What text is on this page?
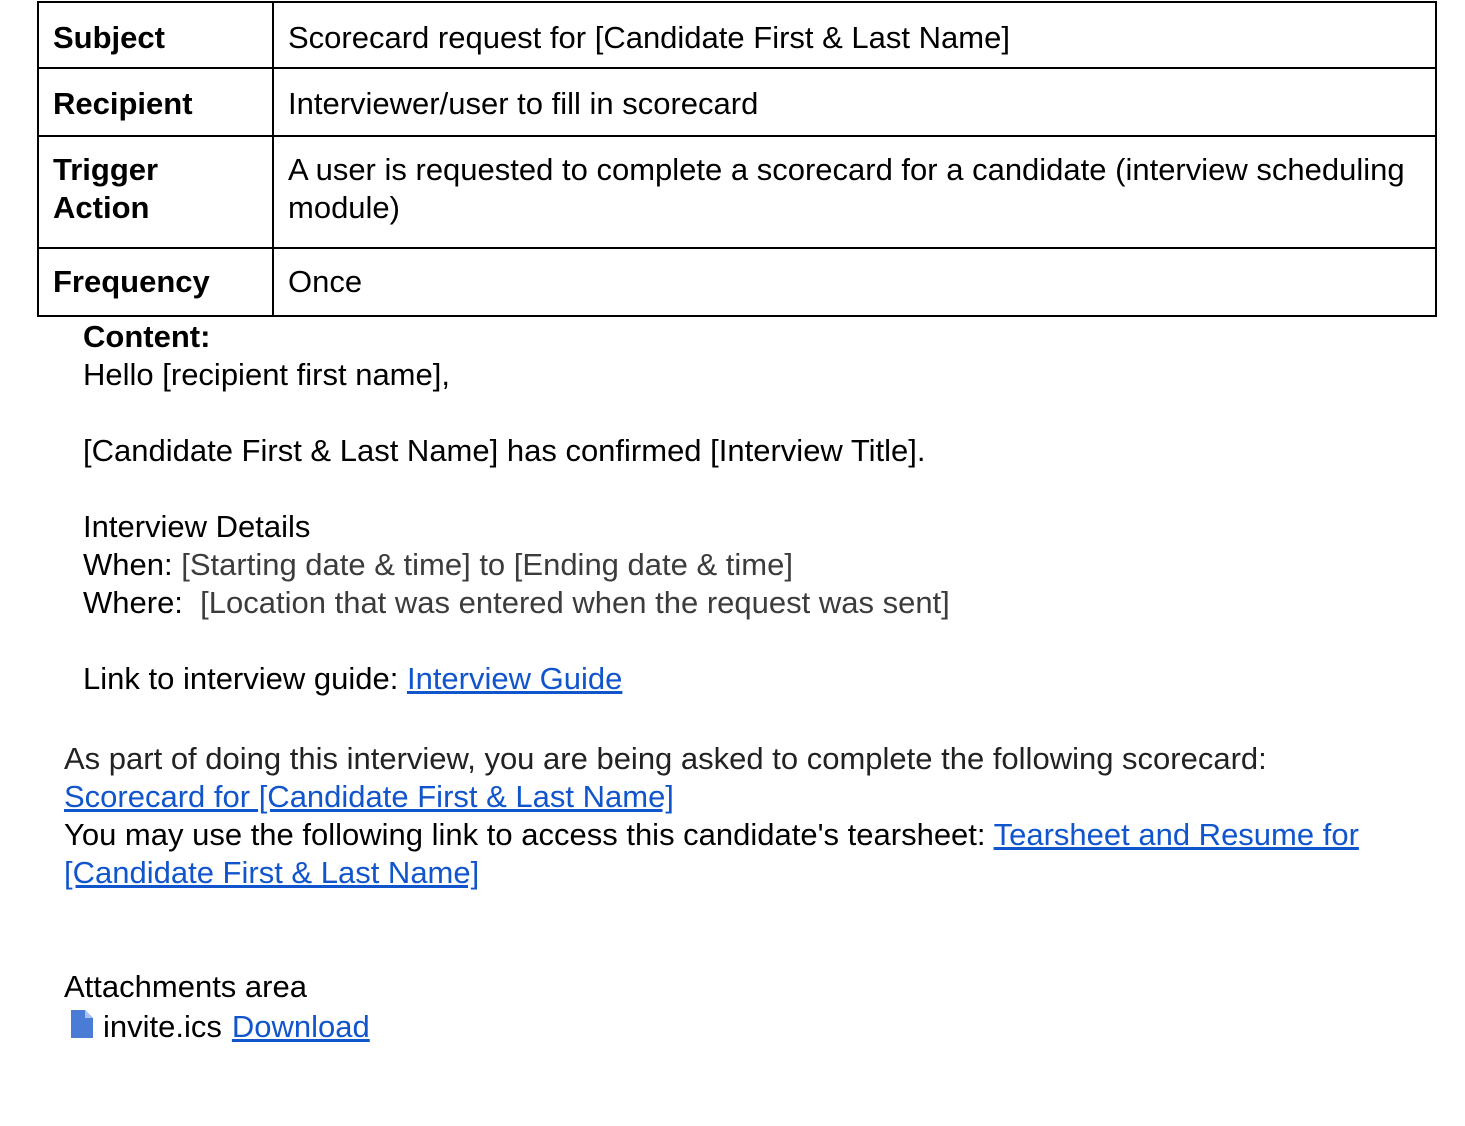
Subject	Scorecard request for [Candidate First & Last Name]
Recipient	Interviewer/user to fill in scorecard
Trigger Action	A user is requested to complete a scorecard for a candidate (interview scheduling module)
Frequency	Once
Content:
Hello [recipient first name],
[Candidate First & Last Name] has confirmed [Interview Title].
Interview Details
When: [Starting date & time] to [Ending date & time]
Where: [Location that was entered when the request was sent]
Link to interview guide: Interview Guide
As part of doing this interview, you are being asked to complete the following scorecard:
Scorecard for [Candidate First & Last Name]
You may use the following link to access this candidate's tearsheet: Tearsheet and Resume for [Candidate First & Last Name]
Attachments area
invite.ics Download
